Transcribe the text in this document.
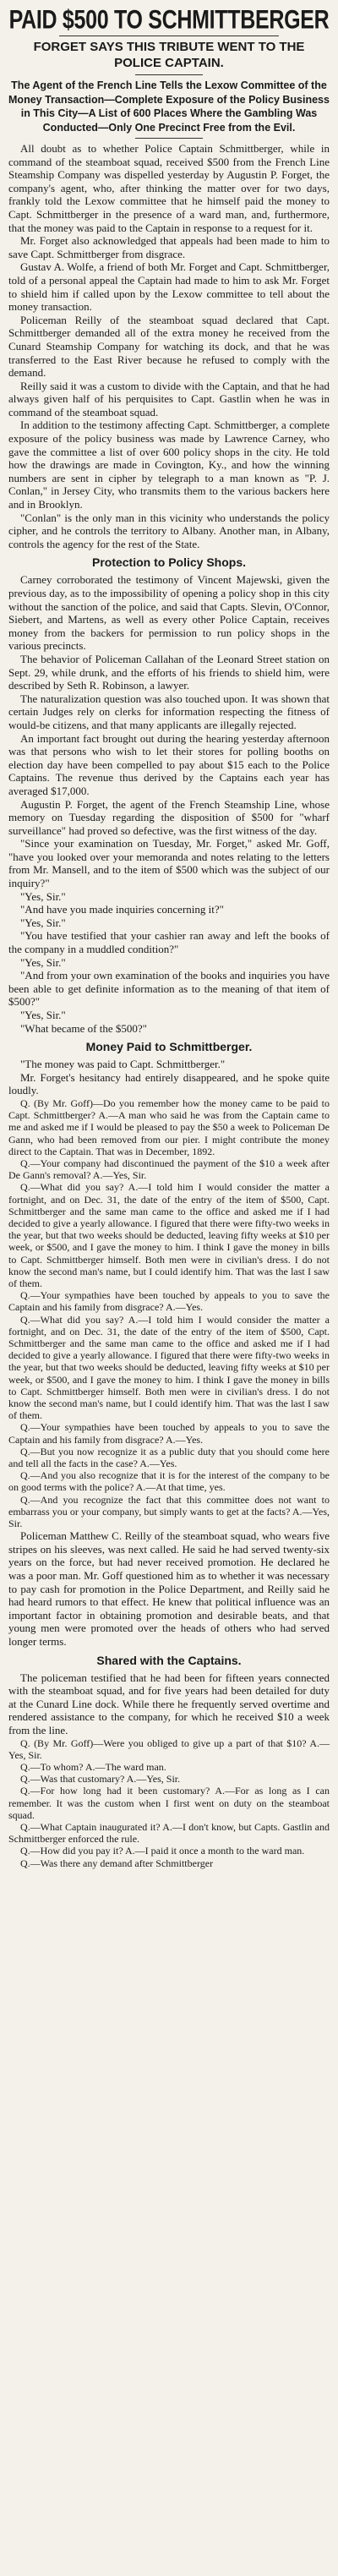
PAID $500 TO SCHMITTBERGER
FORGET SAYS THIS TRIBUTE WENT TO THE POLICE CAPTAIN.
The Agent of the French Line Tells the Lexow Committee of the Money Transaction—Complete Exposure of the Policy Business in This City—A List of 600 Places Where the Gambling Was Conducted—Only One Precinct Free from the Evil.

All doubt as to whether Police Captain Schmittberger, while in command of the steamboat squad, received $500 from the French Line Steamship Company was dispelled yesterday by Augustin P. Forget, the company's agent, who, after thinking the matter over for two days, frankly told the Lexow committee that he himself paid the money to Capt. Schmittberger in the presence of a ward man, and, furthermore, that the money was paid to the Captain in response to a request for it.

Mr. Forget also acknowledged that appeals had been made to him to save Capt. Schmittberger from disgrace.

Gustav A. Wolfe, a friend of both Mr. Forget and Capt. Schmittberger, told of a personal appeal the Captain had made to him to ask Mr. Forget to shield him if called upon by the Lexow committee to tell about the money transaction.

Policeman Reilly of the steamboat squad declared that Capt. Schmittberger demanded all of the extra money he received from the Cunard Steamship Company for watching its dock, and that he was transferred to the East River because he refused to comply with the demand.

Reilly said it was a custom to divide with the Captain, and that he had always given half of his perquisites to Capt. Gastlin when he was in command of the steamboat squad.

In addition to the testimony affecting Capt. Schmittberger, a complete exposure of the policy business was made by Lawrence Carney, who gave the committee a list of over 600 policy shops in the city. He told how the drawings are made in Covington, Ky., and how the winning numbers are sent in cipher by telegraph to a man known as "P. J. Conlan," in Jersey City, who transmits them to the various backers here and in Brooklyn.

"Conlan" is the only man in this vicinity who understands the policy cipher, and he controls the territory to Albany. Another man, in Albany, controls the agency for the rest of the State.

Protection to Policy Shops.

Carney corroborated the testimony of Vincent Majewski, given the previous day, as to the impossibility of opening a policy shop in this city without the sanction of the police, and said that Capts. Slevin, O'Connor, Siebert, and Martens, as well as every other Police Captain, receives money from the backers for permission to run policy shops in the various precincts.

The behavior of Policeman Callahan of the Leonard Street station on Sept. 29, while drunk, and the efforts of his friends to shield him, were described by Seth R. Robinson, a lawyer.

The naturalization question was also touched upon. It was shown that certain Judges rely on clerks for information respecting the fitness of would-be citizens, and that many applicants are illegally rejected.

An important fact brought out during the hearing yesterday afternoon was that persons who wish to let their stores for polling booths on election day have been compelled to pay about $15 each to the Police Captains. The revenue thus derived by the Captains each year has averaged $17,000.

Augustin P. Forget, the agent of the French Steamship Line, whose memory on Tuesday regarding the disposition of $500 for "wharf surveillance" had proved so defective, was the first witness of the day.

"Since your examination on Tuesday, Mr. Forget," asked Mr. Goff, "have you looked over your memoranda and notes relating to the letters from Mr. Mansell, and to the item of $500 which was the subject of our inquiry?"

"Yes, Sir."

"And have you made inquiries concerning it?"

"Yes, Sir."

"You have testified that your cashier ran away and left the books of the company in a muddled condition?"

"Yes, Sir."

"And from your own examination of the books and inquiries you have been able to get definite information as to the meaning of that item of $500?"

"Yes, Sir."

"What became of the $500?"

Money Paid to Schmittberger.

"The money was paid to Capt. Schmittberger."

Mr. Forget's hesitancy had entirely disappeared, and he spoke quite loudly.

Q. (By Mr. Goff)—Do you remember how the money came to be paid to Capt. Schmittberger? A.—A man who said he was from the Captain came to me and asked me if I would be pleased to pay the $50 a week to Policeman De Gann, who had been removed from our pier. I might contribute the money direct to the Captain. That was in December, 1892.

Q.—Your company had discontinued the payment of the $10 a week after De Gann's removal? A.—Yes, Sir.

Q.—What did you say? A.—I told him I would consider the matter a fortnight, and on Dec. 31, the date of the entry of the item of $500, Capt. Schmittberger and the same man came to the office and asked me if I had decided to give a yearly allowance. I figured that there were fifty-two weeks in the year, but that two weeks should be deducted, leaving fifty weeks at $10 per week, or $500, and I gave the money to him. I think I gave the money in bills to Capt. Schmittberger himself. Both men were in civilian's dress. I do not know the second man's name, but I could identify him. That was the last I saw of them.

Q.—Your sympathies have been touched by appeals to you to save the Captain and his family from disgrace? A.—Yes.

Q.—What did you say? A.—I told him I would consider the matter a fortnight, and on Dec. 31, the date of the entry of the item of $500, Capt. Schmittberger and the same man came to the office and asked me if I had decided to give a yearly allowance. I figured that there were fifty-two weeks in the year, but that two weeks should be deducted, leaving fifty weeks at $10 per week, or $500, and I gave the money to him. I think I gave the money in bills to Capt. Schmittberger himself. Both men were in civilian's dress. I do not know the second man's name, but I could identify him. That was the last I saw of them.

Q.—Your sympathies have been touched by appeals to you to save the Captain and his family from disgrace? A.—Yes.

Q.—But you now recognize it as a public duty that you should come here and tell all the facts in the case? A.—Yes.

Q.—And you also recognize that it is for the interest of the company to be on good terms with the police? A.—At that time, yes.

Q.—And you recognize the fact that this committee does not want to embarrass you or your company, but simply wants to get at the facts? A.—Yes, Sir.

Policeman Matthew C. Reilly of the steamboat squad, who wears five stripes on his sleeves, was next called. He said he had served twenty-six years on the force, but had never received promotion. He declared he was a poor man. Mr. Goff questioned him as to whether it was necessary to pay cash for promotion in the Police Department, and Reilly said he had heard rumors to that effect. He knew that political influence was an important factor in obtaining promotion and desirable beats, and that young men were promoted over the heads of others who had served longer terms.

Shared with the Captains.

The policeman testified that he had been for fifteen years connected with the steamboat squad, and for five years had been detailed for duty at the Cunard Line dock. While there he frequently served overtime and rendered assistance to the company, for which he received $10 a week from the line.

Q. (By Mr. Goff)—Were you obliged to give up a part of that $10? A.—Yes, Sir.

Q.—To whom? A.—The ward man.

Q.—Was that customary? A.—Yes, Sir.

Q.—For how long had it been customary? A.—For as long as I can remember. It was the custom when I first went on duty on the steamboat squad.

Q.—What Captain inaugurated it? A.—I don't know, but Capts. Gastlin and Schmittberger enforced the rule.

Q.—How did you pay it? A.—I paid it once a month to the ward man.

Q.—Was there any demand after Schmittberger
